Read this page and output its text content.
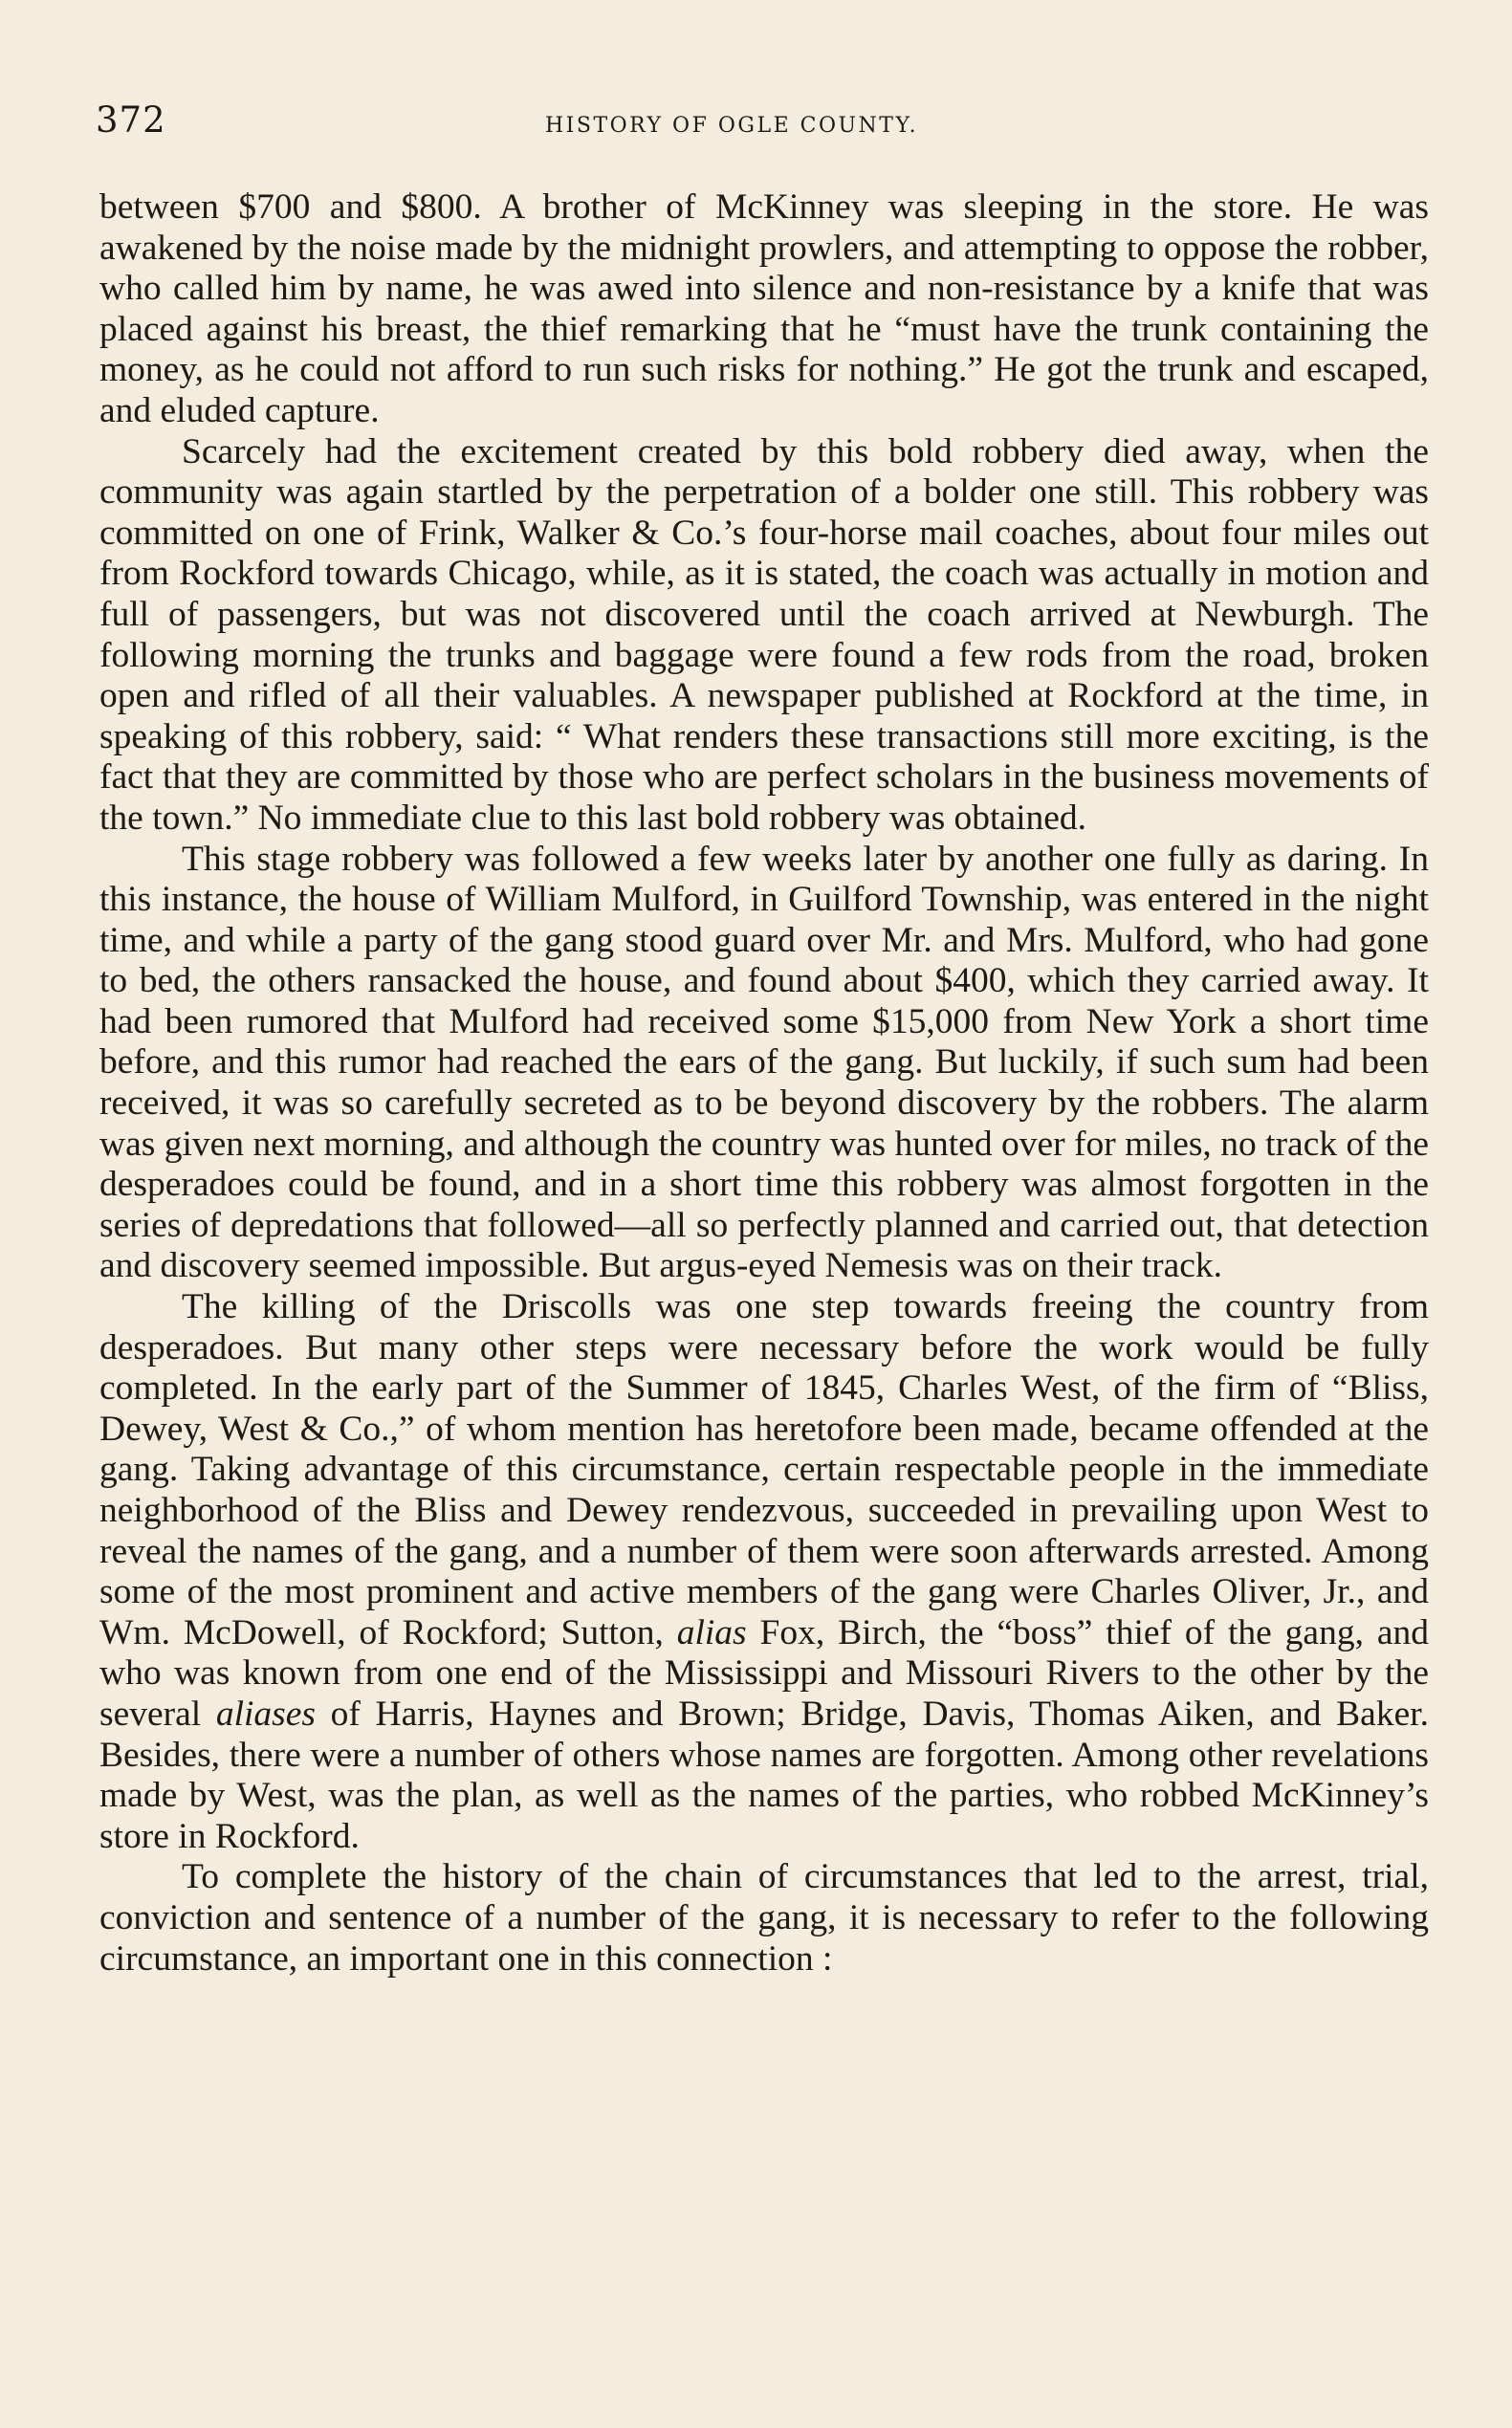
372	HISTORY OF OGLE COUNTY.

between $700 and $800. A brother of McKinney was sleeping in the store. He was awakened by the noise made by the midnight prowlers, and attempting to oppose the robber, who called him by name, he was awed into silence and non-resistance by a knife that was placed against his breast, the thief remarking that he “must have the trunk containing the money, as he could not afford to run such risks for nothing.” He got the trunk and escaped, and eluded capture.

Scarcely had the excitement created by this bold robbery died away, when the community was again startled by the perpetration of a bolder one still. This robbery was committed on one of Frink, Walker & Co.’s four-horse mail coaches, about four miles out from Rockford towards Chicago, while, as it is stated, the coach was actually in motion and full of passengers, but was not discovered until the coach arrived at Newburgh. The following morning the trunks and baggage were found a few rods from the road, broken open and rifled of all their valuables. A newspaper published at Rockford at the time, in speaking of this robbery, said: “ What renders these transactions still more exciting, is the fact that they are committed by those who are perfect scholars in the business movements of the town.” No immediate clue to this last bold robbery was obtained.

This stage robbery was followed a few weeks later by another one fully as daring. In this instance, the house of William Mulford, in Guilford Township, was entered in the night time, and while a party of the gang stood guard over Mr. and Mrs. Mulford, who had gone to bed, the others ransacked the house, and found about $400, which they carried away. It had been rumored that Mulford had received some $15,000 from New York a short time before, and this rumor had reached the ears of the gang. But luckily, if such sum had been received, it was so carefully secreted as to be beyond discovery by the robbers. The alarm was given next morning, and although the country was hunted over for miles, no track of the desperadoes could be found, and in a short time this robbery was almost forgotten in the series of depredations that followed—all so perfectly planned and carried out, that detection and discovery seemed impossible. But argus-eyed Nemesis was on their track.

The killing of the Driscolls was one step towards freeing the country from desperadoes. But many other steps were necessary before the work would be fully completed. In the early part of the Summer of 1845, Charles West, of the firm of “Bliss, Dewey, West & Co.,” of whom mention has heretofore been made, became offended at the gang. Taking advantage of this circumstance, certain respectable people in the immediate neighborhood of the Bliss and Dewey rendezvous, succeeded in prevailing upon West to reveal the names of the gang, and a number of them were soon afterwards arrested. Among some of the most prominent and active members of the gang were Charles Oliver, Jr., and Wm. McDowell, of Rockford; Sutton, alias Fox, Birch, the “boss” thief of the gang, and who was known from one end of the Mississippi and Missouri Rivers to the other by the several aliases of Harris, Haynes and Brown; Bridge, Davis, Thomas Aiken, and Baker. Besides, there were a number of others whose names are forgotten. Among other revelations made by West, was the plan, as well as the names of the parties, who robbed McKinney’s store in Rockford.

To complete the history of the chain of circumstances that led to the arrest, trial, conviction and sentence of a number of the gang, it is necessary to refer to the following circumstance, an important one in this connection :
